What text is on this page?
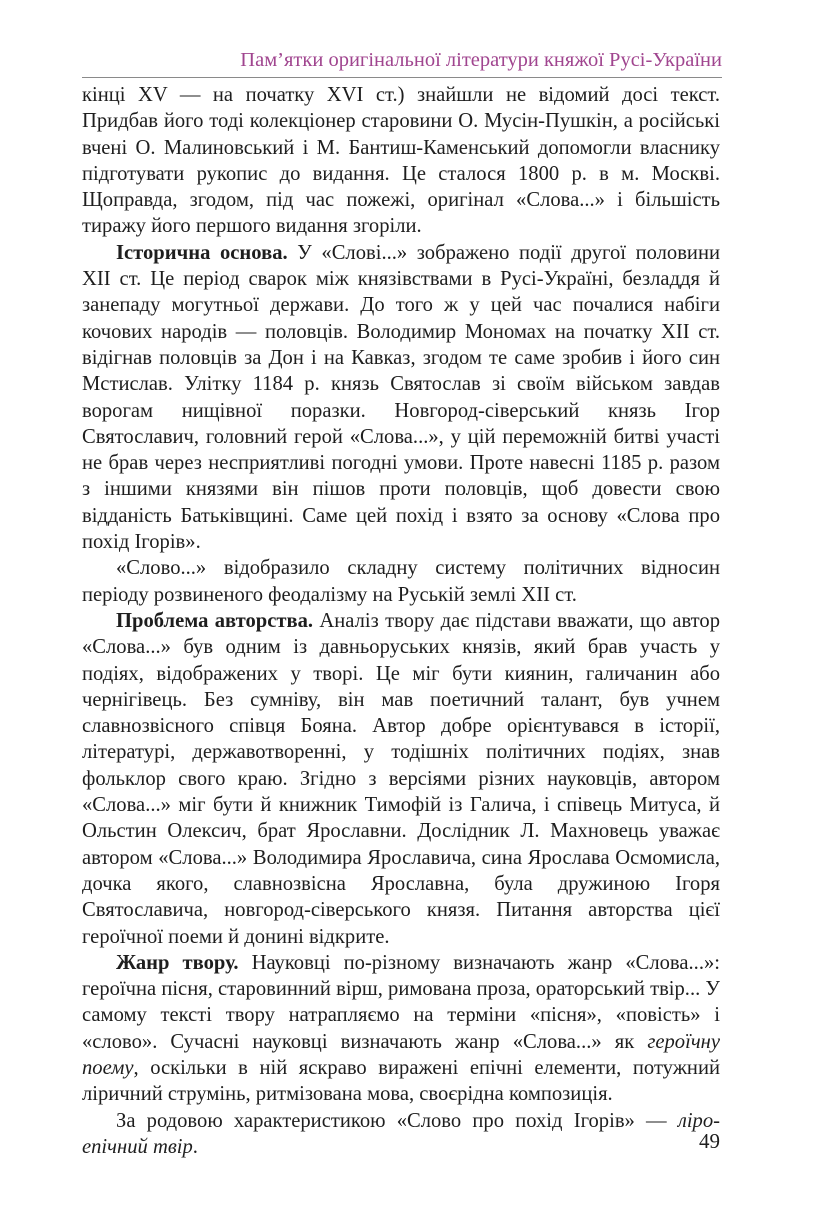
Пам’ятки оригінальної літератури княжої Русі-України

кінці XV — на початку XVI ст.) знайшли не відомий досі текст. Придбав його тоді колекціонер старовини О. Мусін-Пушкін, а російські вчені О. Малиновський і М. Бантиш-Каменський допомогли власнику підготувати рукопис до видання. Це сталося 1800 р. в м. Москві. Щоправда, згодом, під час пожежі, оригінал «Слова...» і більшість тиражу його першого видання згоріли.

Історична основа. У «Слові...» зображено події другої половини XII ст. Це період сварок між князівствами в Русі-Україні, безладдя й занепаду могутньої держави. До того ж у цей час почалися набіги кочових народів — половців. Володимир Мономах на початку XII ст. відігнав половців за Дон і на Кавказ, згодом те саме зробив і його син Мстислав. Улітку 1184 р. князь Святослав зі своїм військом завдав ворогам нищівної поразки. Новгород-сіверський князь Ігор Святославич, головний герой «Слова...», у цій переможній битві участі не брав через несприятливі погодні умови. Проте навесні 1185 р. разом з іншими князями він пішов проти половців, щоб довести свою відданість Батьківщині. Саме цей похід і взято за основу «Слова про похід Ігорів».

«Слово...» відобразило складну систему політичних відносин періоду розвиненого феодалізму на Руській землі XII ст.

Проблема авторства. Аналіз твору дає підстави вважати, що автор «Слова...» був одним із давньоруських князів, який брав участь у подіях, відображених у творі. Це міг бути киянин, галичанин або чернігівець. Без сумніву, він мав поетичний талант, був учнем славнозвісного співця Бояна. Автор добре орієнтувався в історії, літературі, державотворенні, у тодішніх політичних подіях, знав фольклор свого краю. Згідно з версіями різних науковців, автором «Слова...» міг бути й книжник Тимофій із Галича, і співець Митуса, й Ольстин Олексич, брат Ярославни. Дослідник Л. Махновець уважає автором «Слова...» Володимира Ярославича, сина Ярослава Осмомисла, дочка якого, славнозвісна Ярославна, була дружиною Ігоря Святославича, новгород-сіверського князя. Питання авторства цієї героїчної поеми й донині відкрите.

Жанр твору. Науковці по-різному визначають жанр «Слова...»: героїчна пісня, старовинний вірш, римована проза, ораторський твір... У самому тексті твору натрапляємо на терміни «пісня», «повість» і «слово». Сучасні науковці визначають жанр «Слова...» як героїчну поему, оскільки в ній яскраво виражені епічні елементи, потужний ліричний струмінь, ритмізована мова, своєрідна композиція.

За родовою характеристикою «Слово про похід Ігорів» — ліро-епічний твір.	49
